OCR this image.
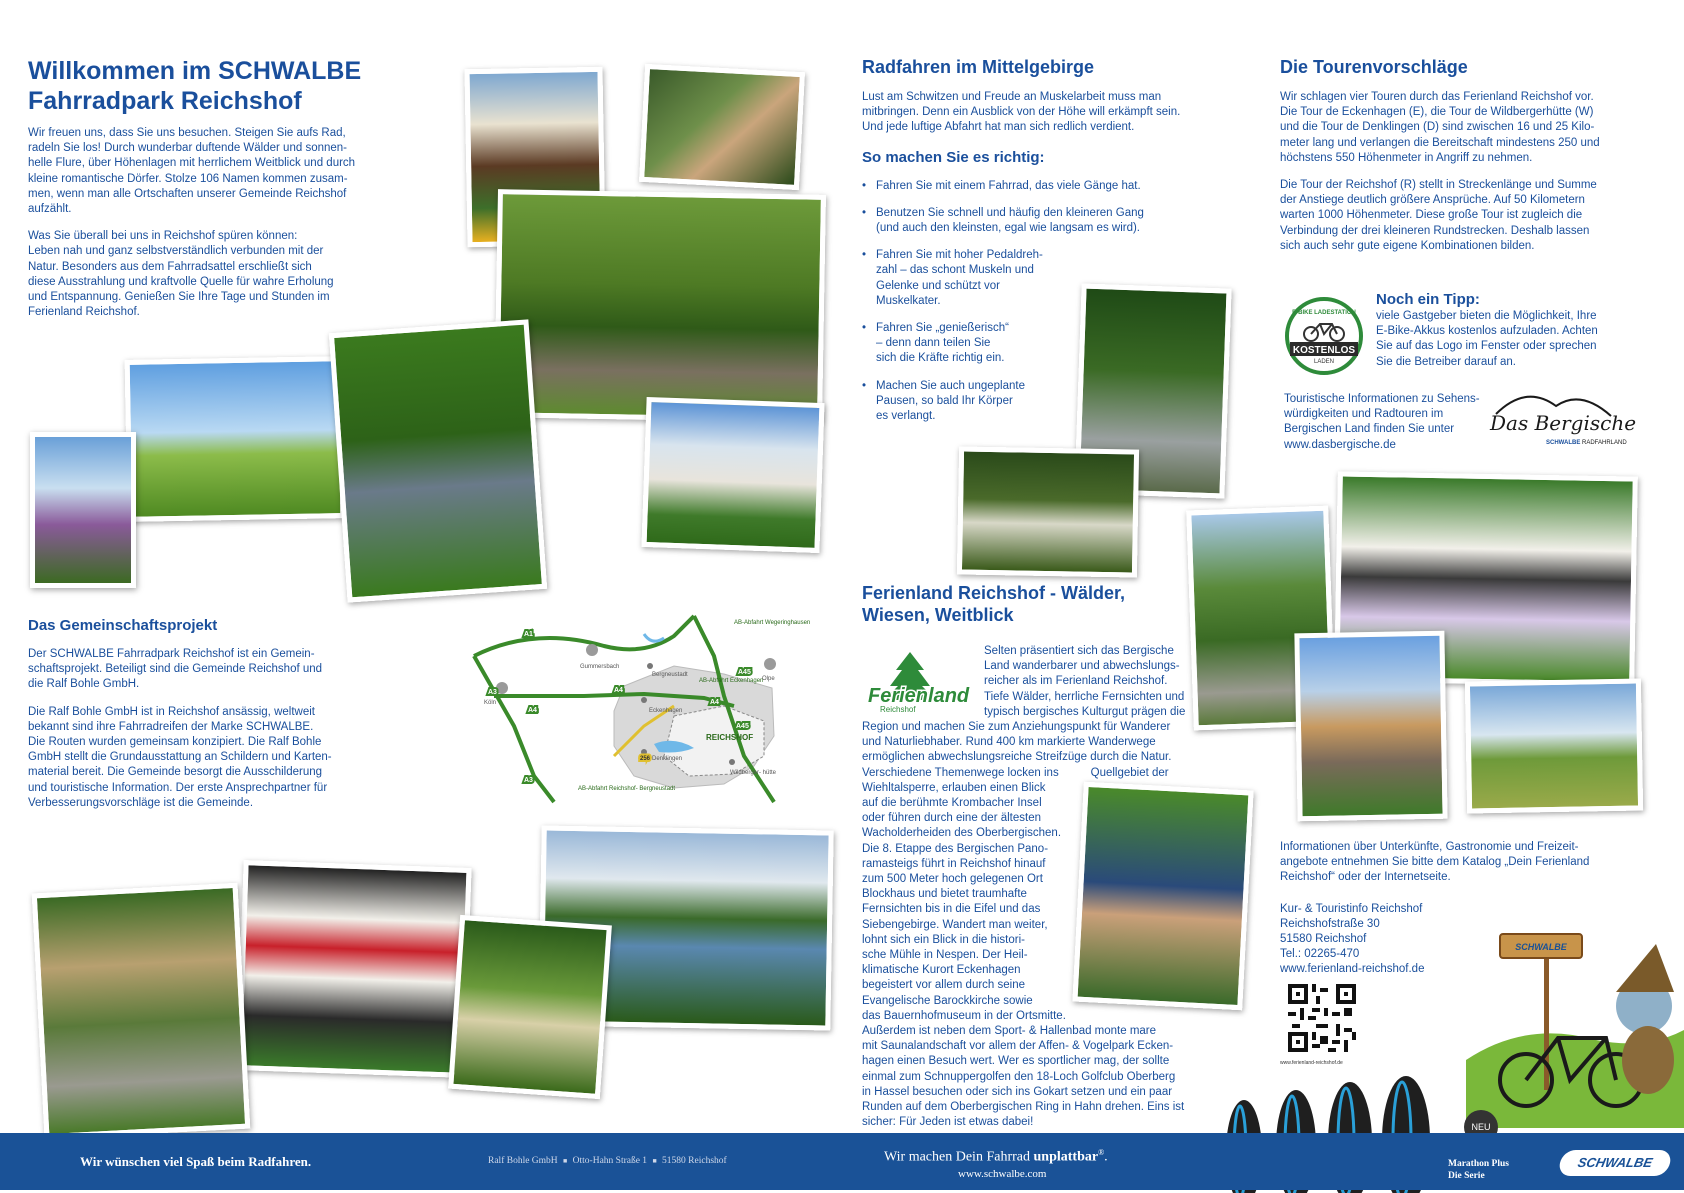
Willkommen im SCHWALBE
Fahrradpark Reichshof

Wir freuen uns, dass Sie uns besuchen. Steigen Sie aufs Rad,
radeln Sie los! Durch wunderbar duftende Wälder und sonnen-
helle Flure, über Höhenlagen mit herrlichem Weitblick und durch
kleine romantische Dörfer. Stolze 106 Namen kommen zusam-
men, wenn man alle Ortschaften unserer Gemeinde Reichshof
aufzählt.

Was Sie überall bei uns in Reichshof spüren können:
Leben nah und ganz selbstverständlich verbunden mit der
Natur. Besonders aus dem Fahrradsattel erschließt sich
diese Ausstrahlung und kraftvolle Quelle für wahre Erholung
und Entspannung. Genießen Sie Ihre Tage und Stunden im
Ferienland Reichshof.

Das Gemeinschaftsprojekt

Der SCHWALBE Fahrradpark Reichshof ist ein Gemein-
schaftsprojekt. Beteiligt sind die Gemeinde Reichshof und
die Ralf Bohle GmbH.

Die Ralf Bohle GmbH ist in Reichshof ansässig, weltweit
bekannt sind ihre Fahrradreifen der Marke SCHWALBE.
Die Routen wurden gemeinsam konzipiert. Die Ralf Bohle
GmbH stellt die Grundausstattung an Schildern und Karten-
material bereit. Die Gemeinde besorgt die Ausschilderung
und touristische Information. Der erste Ansprechpartner für
Verbesserungsvorschläge ist die Gemeinde.

AB-Abfahrt Wegeringhausen
Gummersbach
Bergneustadt
AB-Abfahrt Eckenhagen
Eckenhagen
Olpe
Köln
REICHSHOF
Denklingen
Wildberger- hütte
AB-Abfahrt Reichshof- Bergneustadt
A1
A3
A4
A4
A3
A45
A4
A45
256
Radfahren im Mittelgebirge

Lust am Schwitzen und Freude an Muskelarbeit muss man
mitbringen. Denn ein Ausblick von der Höhe will erkämpft sein.
Und jede luftige Abfahrt hat man sich redlich verdient.

So machen Sie es richtig:
• Fahren Sie mit einem Fahrrad, das viele Gänge hat.
• Benutzen Sie schnell und häufig den kleineren Gang
(und auch den kleinsten, egal wie langsam es wird).
• Fahren Sie mit hoher Pedaldreh-
zahl – das schont Muskeln und
Gelenke und schützt vor
Muskelkater.
• Fahren Sie „genießerisch“
– denn dann teilen Sie
sich die Kräfte richtig ein.
• Machen Sie auch ungeplante
Pausen, so bald Ihr Körper
es verlangt.
Ferienland Reichshof - Wälder,
Wiesen, Weitblick
Ferienland
Reichshof
Selten präsentiert sich das Bergische
Land wanderbarer und abwechslungs-
reicher als im Ferienland Reichshof.
Tiefe Wälder, herrliche Fernsichten und
typisch bergisches Kulturgut prägen die
Region und machen Sie zum Anziehungspunkt für Wanderer
und Naturliebhaber. Rund 400 km markierte Wanderwege
ermöglichen abwechslungsreiche Streifzüge durch die Natur.
Verschiedene Themenwege locken ins          Quellgebiet der
Wiehltalsperre, erlauben einen Blick
auf die berühmte Krombacher Insel
oder führen durch eine der ältesten
Wacholderheiden des Oberbergischen.
Die 8. Etappe des Bergischen Pano-
ramasteigs führt in Reichshof hinauf
zum 500 Meter hoch gelegenen Ort
Blockhaus und bietet traumhafte
Fernsichten bis in die Eifel und das
Siebengebirge. Wandert man weiter,
lohnt sich ein Blick in die histori-
sche Mühle in Nespen. Der Heil-
klimatische Kurort Eckenhagen
begeistert vor allem durch seine
Evangelische Barockkirche sowie
das Bauernhofmuseum in der Ortsmitte.
Außerdem ist neben dem Sport- & Hallenbad monte mare
mit Saunalandschaft vor allem der Affen- & Vogelpark Ecken-
hagen einen Besuch wert. Wer es sportlicher mag, der sollte
einmal zum Schnuppergolfen den 18-Loch Golfclub Oberberg
in Hassel besuchen oder sich ins Gokart setzen und ein paar
Runden auf dem Oberbergischen Ring in Hahn drehen. Eins ist
sicher: Für Jeden ist etwas dabei!
Die Tourenvorschläge

Wir schlagen vier Touren durch das Ferienland Reichshof vor.
Die Tour de Eckenhagen (E), die Tour de Wildbergerhütte (W)
und die Tour de Denklingen (D) sind zwischen 16 und 25 Kilo-
meter lang und verlangen die Bereitschaft mindestens 250 und
höchstens 550 Höhenmeter in Angriff zu nehmen.

Die Tour der Reichshof (R) stellt in Streckenlänge und Summe
der Anstiege deutlich größere Ansprüche. Auf 50 Kilometern
warten 1000 Höhenmeter. Diese große Tour ist zugleich die
Verbindung der drei kleineren Rundstrecken. Deshalb lassen
sich auch sehr gute eigene Kombinationen bilden.

E-BIKE LADESTATION
KOSTENLOS
LADEN
Noch ein Tipp:
viele Gastgeber bieten die Möglichkeit, Ihre
E-Bike-Akkus kostenlos aufzuladen. Achten
Sie auf das Logo im Fenster oder sprechen
Sie die Betreiber darauf an.
Touristische Informationen zu Sehens-
würdigkeiten und Radtouren im
Bergischen Land finden Sie unter
www.dasbergische.de
Das Bergische
SCHWALBE RADFAHRLAND

Informationen über Unterkünfte, Gastronomie und Freizeit-
angebote entnehmen Sie bitte dem Katalog „Dein Ferienland
Reichshof“ oder der Internetseite.

Kur- & Touristinfo Reichshof
Reichshofstraße 30
51580 Reichshof
Tel.: 02265-470
www.ferienland-reichshof.de

www.ferienland-reichshof.de
SCHWALBE
NEU
Wir wünschen viel Spaß beim Radfahren.	Ralf Bohle GmbH ■ Otto-Hahn Straße 1 ■ 51580 Reichshof	Wir machen Dein Fahrrad unplattbar®.
www.schwalbe.com
Marathon Plus
Die Serie
SCHWALBE
